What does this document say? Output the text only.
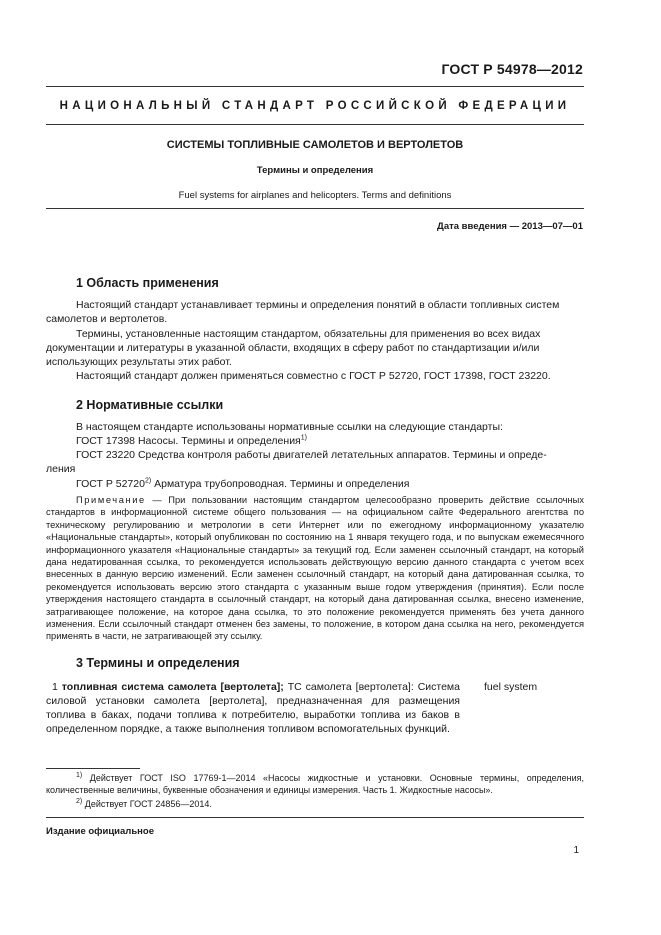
ГОСТ Р 54978—2012
НАЦИОНАЛЬНЫЙ СТАНДАРТ РОССИЙСКОЙ ФЕДЕРАЦИИ
СИСТЕМЫ ТОПЛИВНЫЕ САМОЛЕТОВ И ВЕРТОЛЕТОВ
Термины и определения
Fuel systems for airplanes and helicopters. Terms and definitions
Дата введения — 2013—07—01
1 Область применения
Настоящий стандарт устанавливает термины и определения понятий в области топливных систем
самолетов и вертолетов.
Термины, установленные настоящим стандартом, обязательны для применения во всех видах
документации и литературы в указанной области, входящих в сферу работ по стандартизации и/или
использующих результаты этих работ.
Настоящий стандарт должен применяться совместно с ГОСТ Р 52720, ГОСТ 17398, ГОСТ 23220.
2 Нормативные ссылки
В настоящем стандарте использованы нормативные ссылки на следующие стандарты:
ГОСТ 17398 Насосы. Термины и определения$^{1)}$
ГОСТ 23220 Средства контроля работы двигателей летательных аппаратов. Термины и опреде-
ления
ГОСТ Р 52720$^{2)}$ Арматура трубопроводная. Термины и определения
Примечание — При пользовании настоящим стандартом целесообразно проверить действие ссылочных стандартов в информационной системе общего пользования — на официальном сайте Федерального агентства по техническому регулированию и метрологии в сети Интернет или по ежегодному информационному указателю «Национальные стандарты», который опубликован по состоянию на 1 января текущего года, и по выпускам ежемесячного информационного указателя «Национальные стандарты» за текущий год. Если заменен ссылочный стандарт, на который дана недатированная ссылка, то рекомендуется использовать действующую версию данного стандарта с учетом всех внесенных в данную версию изменений. Если заменен ссылочный стандарт, на который дана датированная ссылка, то рекомендуется использовать версию этого стандарта с указанным выше годом утверждения (принятия). Если после утверждения настоящего стандарта в ссылочный стандарт, на который дана датированная ссылка, внесено изменение, затрагивающее положение, на которое дана ссылка, то это положение рекомендуется применять без учета данного изменения. Если ссылочный стандарт отменен без замены, то положение, в котором дана ссылка на него, рекомендуется применять в части, не затрагивающей эту ссылку.
3 Термины и определения
1 топливная система самолета [вертолета]; ТС самолета [вертолета]: Система силовой установки самолета [вертолета], предназначенная для размещения топлива в баках, подачи топлива к потребителю, выработки топлива из баков в определенном порядке, а также выполнения топливом вспомогательных функций.
fuel system
$^{1)}$ Действует ГОСТ ISO 17769-1—2014 «Насосы жидкостные и установки. Основные термины, определения, количественные величины, буквенные обозначения и единицы измерения. Часть 1. Жидкостные насосы».
$^{2)}$ Действует ГОСТ 24856—2014.
Издание официальное
1
